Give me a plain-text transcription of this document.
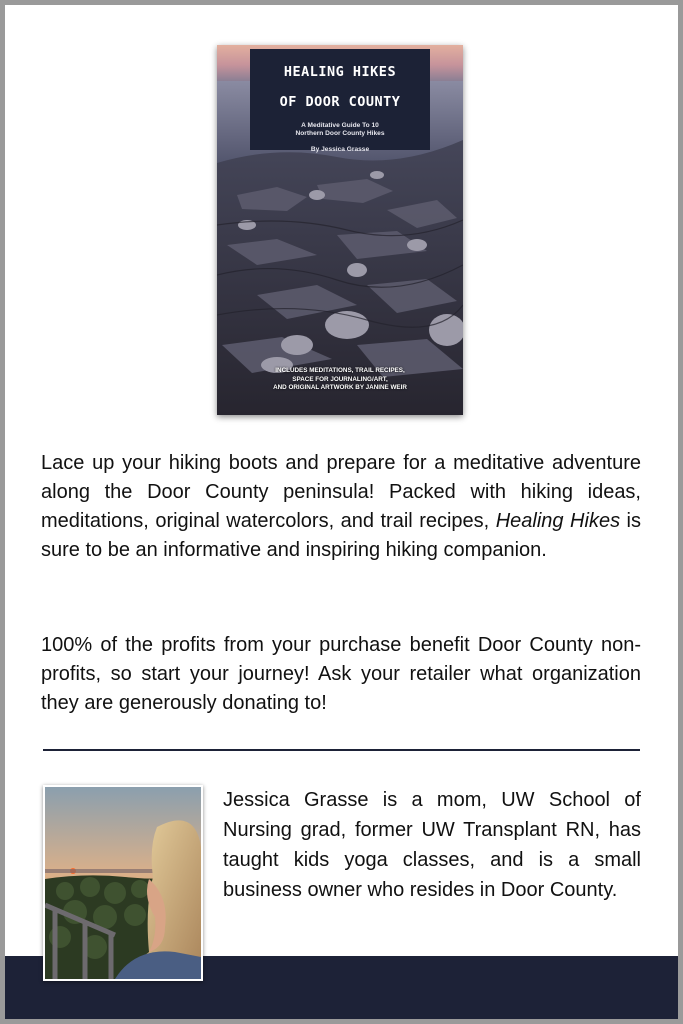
HEALING HIKES
OF DOOR COUNTY
A Meditative Guide To 10
Northern Door County Hikes
By Jessica Grasse
INCLUDES MEDITATIONS, TRAIL RECIPES,
SPACE FOR JOURNALING/ART,
AND ORIGINAL ARTWORK BY JANINE WEIR

Lace up your hiking boots and prepare for a meditative adventure along the Door County peninsula! Packed with hiking ideas, meditations, original watercolors, and trail recipes, Healing Hikes is sure to be an informative and inspiring hiking companion.

100% of the profits from your purchase benefit Door County non-profits, so start your journey! Ask your retailer what organization they are generously donating to!

Jessica Grasse is a mom, UW School of Nursing grad, former UW Transplant RN, has taught kids yoga classes, and is a small business owner who resides in Door County.
